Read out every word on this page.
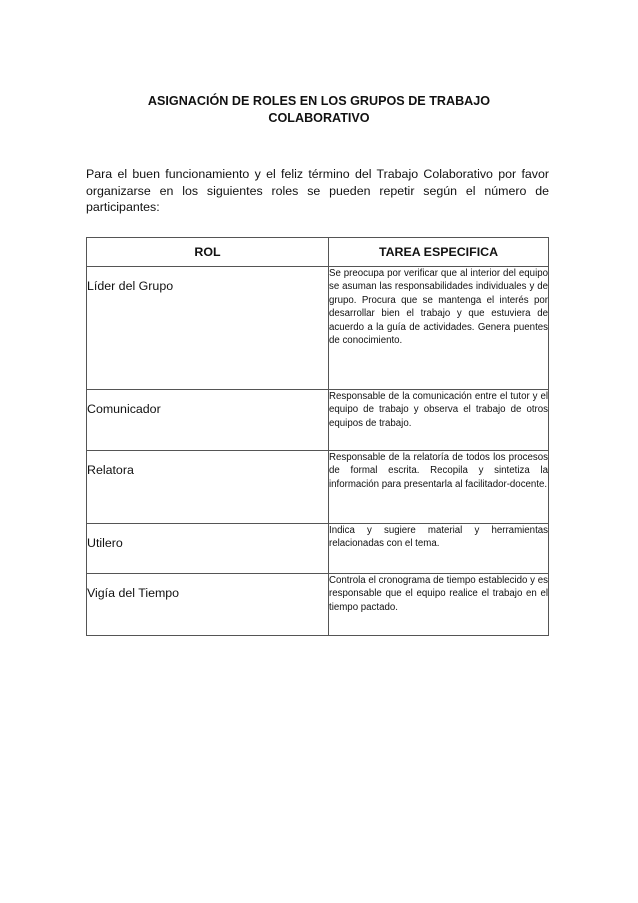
ASIGNACIÓN DE ROLES EN LOS GRUPOS DE TRABAJO
COLABORATIVO
Para el buen funcionamiento y el feliz término del Trabajo Colaborativo por favor organizarse en los siguientes roles se pueden repetir según el número de participantes:
ROL	TAREA ESPECIFICA

Líder del Grupo	Se preocupa por verificar que al interior del equipo se asuman las responsabilidades individuales y de grupo. Procura que se mantenga el interés por desarrollar bien el trabajo y que estuviera de acuerdo a la guía de actividades. Genera puentes de conocimiento.

Comunicador	Responsable de la comunicación entre el tutor y el equipo de trabajo y observa el trabajo de otros equipos de trabajo.

Relatora	Responsable de la relatoría de todos los procesos de formal escrita. Recopila y sintetiza la información para presentarla al facilitador-docente.

Utilero	Indica y sugiere material y herramientas relacionadas con el tema.

Vigía del Tiempo	Controla el cronograma de tiempo establecido y es responsable que el equipo realice el trabajo en el tiempo pactado.
